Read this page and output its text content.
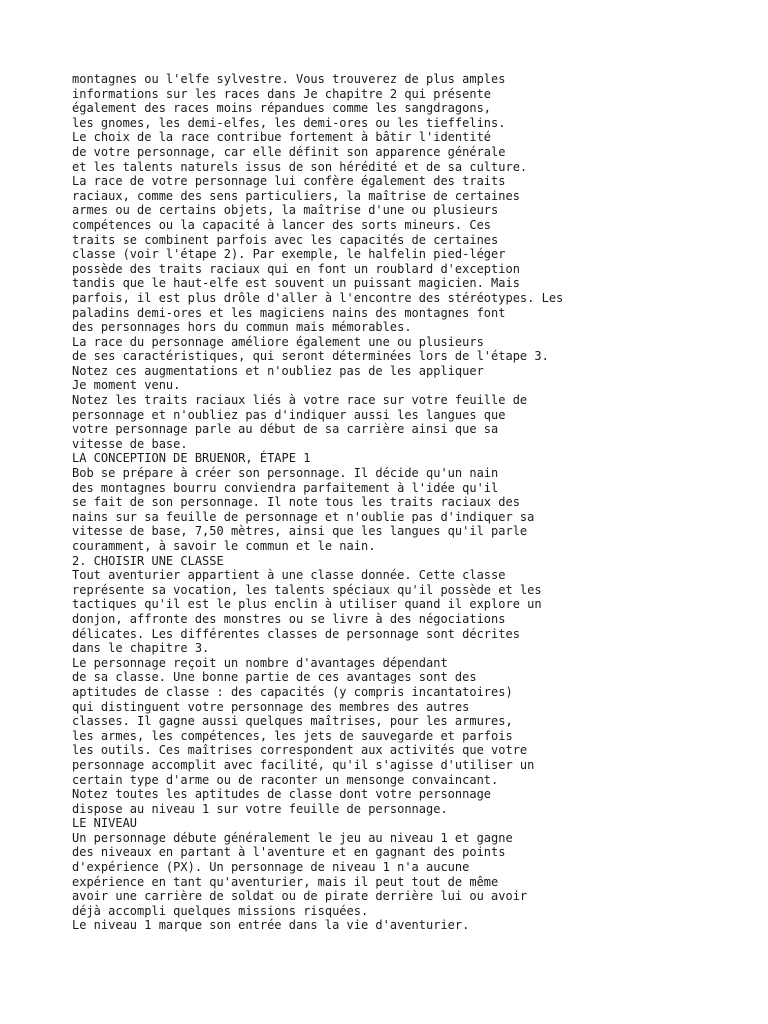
montagnes ou l'elfe sylvestre. Vous trouverez de plus amples
informations sur les races dans Je chapitre 2 qui présente
également des races moins répandues comme les sangdragons,
les gnomes, les demi-elfes, les demi-ores ou les tieffelins.
Le choix de la race contribue fortement à bâtir l'identité
de votre personnage, car elle définit son apparence générale
et les talents naturels issus de son hérédité et de sa culture.
La race de votre personnage lui confère également des traits
raciaux, comme des sens particuliers, la maîtrise de certaines
armes ou de certains objets, la maîtrise d'une ou plusieurs
compétences ou la capacité à lancer des sorts mineurs. Ces
traits se combinent parfois avec les capacités de certaines
classe (voir l'étape 2). Par exemple, le halfelin pied-léger
possède des traits raciaux qui en font un roublard d'exception
tandis que le haut-elfe est souvent un puissant magicien. Mais
parfois, il est plus drôle d'aller à l'encontre des stéréotypes. Les
paladins demi-ores et les magiciens nains des montagnes font
des personnages hors du commun mais mémorables.
La race du personnage améliore également une ou plusieurs
de ses caractéristiques, qui seront déterminées lors de l'étape 3.
Notez ces augmentations et n'oubliez pas de les appliquer
Je moment venu.
Notez les traits raciaux liés à votre race sur votre feuille de
personnage et n'oubliez pas d'indiquer aussi les langues que
votre personnage parle au début de sa carrière ainsi que sa
vitesse de base.
LA CONCEPTION DE BRUENOR, ÉTAPE 1
Bob se prépare à créer son personnage. Il décide qu'un nain
des montagnes bourru conviendra parfaitement à l'idée qu'il
se fait de son personnage. Il note tous les traits raciaux des
nains sur sa feuille de personnage et n'oublie pas d'indiquer sa
vitesse de base, 7,50 mètres, ainsi que les langues qu'il parle
couramment, à savoir le commun et le nain.
2. CHOISIR UNE CLASSE
Tout aventurier appartient à une classe donnée. Cette classe
représente sa vocation, les talents spéciaux qu'il possède et les
tactiques qu'il est le plus enclin à utiliser quand il explore un
donjon, affronte des monstres ou se livre à des négociations
délicates. Les différentes classes de personnage sont décrites
dans le chapitre 3.
Le personnage reçoit un nombre d'avantages dépendant
de sa classe. Une bonne partie de ces avantages sont des
aptitudes de classe : des capacités (y compris incantatoires)
qui distinguent votre personnage des membres des autres
classes. Il gagne aussi quelques maîtrises, pour les armures,
les armes, les compétences, les jets de sauvegarde et parfois
les outils. Ces maîtrises correspondent aux activités que votre
personnage accomplit avec facilité, qu'il s'agisse d'utiliser un
certain type d'arme ou de raconter un mensonge convaincant.
Notez toutes les aptitudes de classe dont votre personnage
dispose au niveau 1 sur votre feuille de personnage.
LE NIVEAU
Un personnage débute généralement le jeu au niveau 1 et gagne
des niveaux en partant à l'aventure et en gagnant des points
d'expérience (PX). Un personnage de niveau 1 n'a aucune
expérience en tant qu'aventurier, mais il peut tout de même
avoir une carrière de soldat ou de pirate derrière lui ou avoir
déjà accompli quelques missions risquées.
Le niveau 1 marque son entrée dans la vie d'aventurier.
